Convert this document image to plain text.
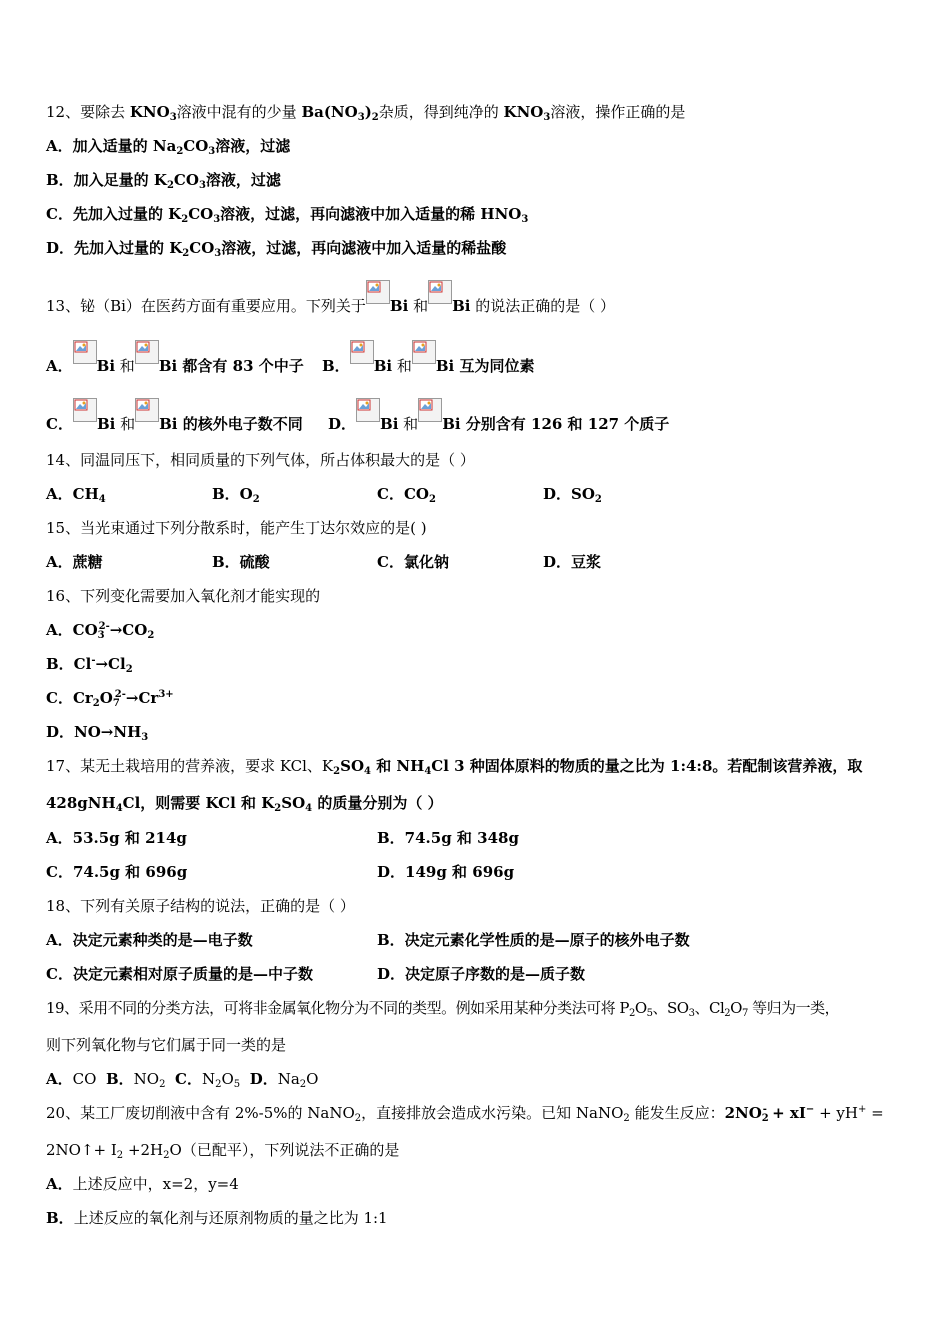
12、要除去 $KNO_3$溶液中混有的少量 $Ba(NO_3)_2$杂质，得到纯净的 $KNO_3$溶液，操作正确的是
A．加入适量的 $Na_2CO_3$溶液，过滤
B．加入足量的 $K_2CO_3$溶液，过滤
C．先加入过量的 $K_2CO_3$溶液，过滤，再向滤液中加入适量的稀 $HNO_3$
D．先加入过量的 $K_2CO_3$溶液，过滤，再向滤液中加入适量的稀盐酸
13、铋（Bi）在医药方面有重要应用。下列关于 Bi 和 Bi 的说法正确的是（ ）
A． Bi 和 Bi 都含有 83 个中子 B． Bi 和 Bi 互为同位素
C． Bi 和 Bi 的核外电子数不同 D． Bi 和 Bi 分别含有 126 和 127 个质子
14、同温同压下，相同质量的下列气体，所占体积最大的是（ ）
A．$CH_4$	B．$O_2$	C．$CO_2$	D．$SO_2$
15、当光束通过下列分散系时，能产生丁达尔效应的是( )
A．蔗糖	B．硫酸	C．氯化钠	D．豆浆
16、下列变化需要加入氧化剂才能实现的
A．$CO_3^{2-}\to CO_2$
B．$Cl^-\to Cl_2$
C．$Cr_2O_7^{2-}\to Cr^{3+}$
D．$NO\to NH_3$
17、某无土栽培用的营养液，要求 KCl、$K_2SO_4$ 和 $NH_4Cl$ 3 种固体原料的物质的量之比为 1:4:8。若配制该营养液，取
428gNH$_4$Cl，则需要 KCl 和 $K_2SO_4$ 的质量分别为（ ）
A．53.5g 和 214g	B．74.5g 和 348g
C．74.5g 和 696g	D．149g 和 696g
18、下列有关原子结构的说法，正确的是（ ）
A．决定元素种类的是—电子数	B．决定元素化学性质的是—原子的核外电子数
C．决定元素相对原子质量的是—中子数	D．决定原子序数的是—质子数
19、采用不同的分类方法，可将非金属氧化物分为不同的类型。例如采用某种分类法可将 $P_2O_5$、$SO_3$、$Cl_2O_7$ 等归为一类，
则下列氧化物与它们属于同一类的是
A．CO B．$NO_2$ C．$N_2O_5$ D．$Na_2O$
20、某工厂废切削液中含有 2%-5%的 NaNO$_2$，直接排放会造成水污染。已知 NaNO$_2$ 能发生反应：$2NO_2^- + xI^- + yH^+$ =
2NO↑+ $I_2 +2H_2O$（已配平），下列说法不正确的是
A．上述反应中，x=2，y=4
B．上述反应的氧化剂与还原剂物质的量之比为 1:1
